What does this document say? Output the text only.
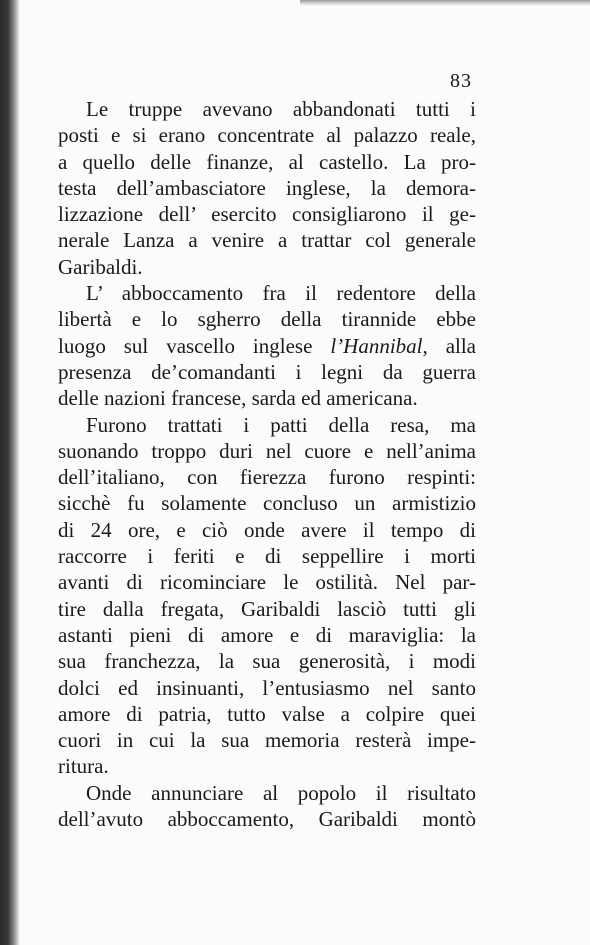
83
Le truppe avevano abbandonati tutti i
posti e si erano concentrate al palazzo reale,
a quello delle finanze, al castello. La pro-
testa dell’ambasciatore inglese, la demora-
lizzazione dell’ esercito consigliarono il ge-
nerale Lanza a venire a trattar col generale
Garibaldi.
L’ abboccamento fra il redentore della
libertà e lo sgherro della tirannide ebbe
luogo sul vascello inglese l’Hannibal, alla
presenza de’comandanti i legni da guerra
delle nazioni francese, sarda ed americana.
Furono trattati i patti della resa, ma
suonando troppo duri nel cuore e nell’anima
dell’italiano, con fierezza furono respinti:
sicchè fu solamente concluso un armistizio
di 24 ore, e ciò onde avere il tempo di
raccorre i feriti e di seppellire i morti
avanti di ricominciare le ostilità. Nel par-
tire dalla fregata, Garibaldi lasciò tutti gli
astanti pieni di amore e di maraviglia: la
sua franchezza, la sua generosità, i modi
dolci ed insinuanti, l’entusiasmo nel santo
amore di patria, tutto valse a colpire quei
cuori in cui la sua memoria resterà impe-
ritura.
Onde annunciare al popolo il risultato
dell’avuto abboccamento, Garibaldi montò
